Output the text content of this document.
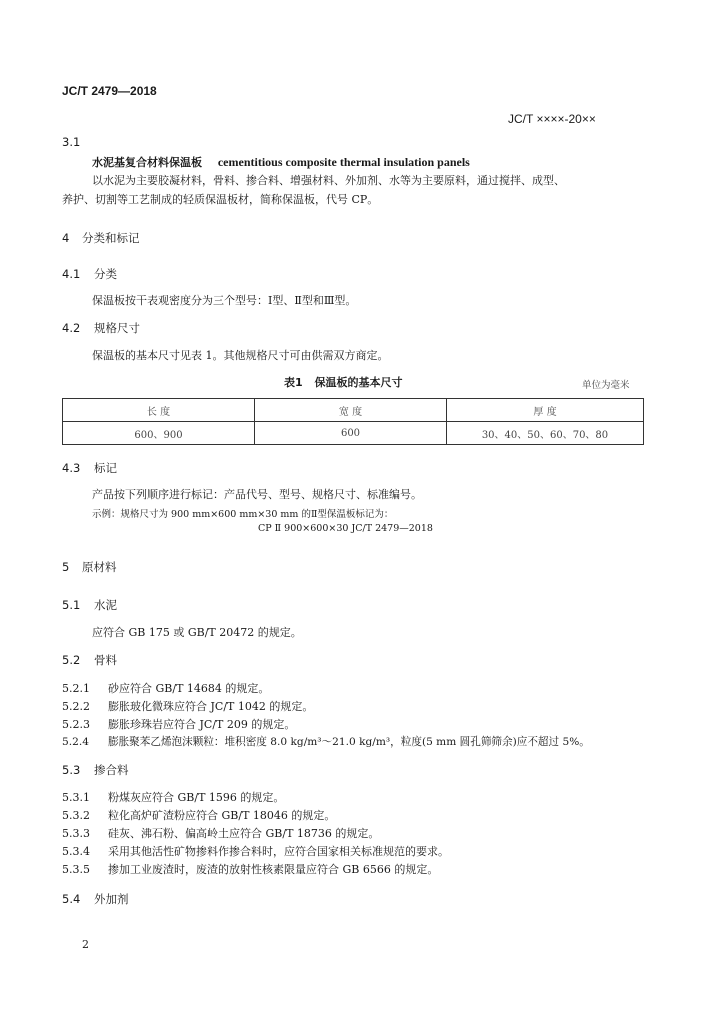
JC/T 2479—2018
JC/T ××××-20××
3.1
水泥基复合材料保温板 cementitious composite thermal insulation panels
以水泥为主要胶凝材料，骨料、掺合料、增强材料、外加剂、水等为主要原料，通过搅拌、成型、
养护、切割等工艺制成的轻质保温板材，简称保温板，代号 CP。
4 分类和标记
4.1 分类
保温板按干表观密度分为三个型号：Ⅰ型、Ⅱ型和Ⅲ型。
4.2 规格尺寸
保温板的基本尺寸见表 1。其他规格尺寸可由供需双方商定。
表1 保温板的基本尺寸	单位为毫米
长 度	宽 度	厚 度
600、900	600	30、40、50、60、70、80
4.3 标记
产品按下列顺序进行标记：产品代号、型号、规格尺寸、标准编号。
示例：规格尺寸为 900 mm×600 mm×30 mm 的Ⅱ型保温板标记为：
CP Ⅱ 900×600×30 JC/T 2479—2018
5 原材料
5.1 水泥
应符合 GB 175 或 GB/T 20472 的规定。
5.2 骨料
5.2.1 砂应符合 GB/T 14684 的规定。
5.2.2 膨胀玻化微珠应符合 JC/T 1042 的规定。
5.2.3 膨胀珍珠岩应符合 JC/T 209 的规定。
5.2.4 膨胀聚苯乙烯泡沫颗粒：堆积密度 8.0 kg/m³～21.0 kg/m³，粒度(5 mm 圆孔筛筛余)应不超过 5%。
5.3 掺合料
5.3.1 粉煤灰应符合 GB/T 1596 的规定。
5.3.2 粒化高炉矿渣粉应符合 GB/T 18046 的规定。
5.3.3 硅灰、沸石粉、偏高岭土应符合 GB/T 18736 的规定。
5.3.4 采用其他活性矿物掺料作掺合料时，应符合国家相关标准规范的要求。
5.3.5 掺加工业废渣时，废渣的放射性核素限量应符合 GB 6566 的规定。
5.4 外加剂
2
